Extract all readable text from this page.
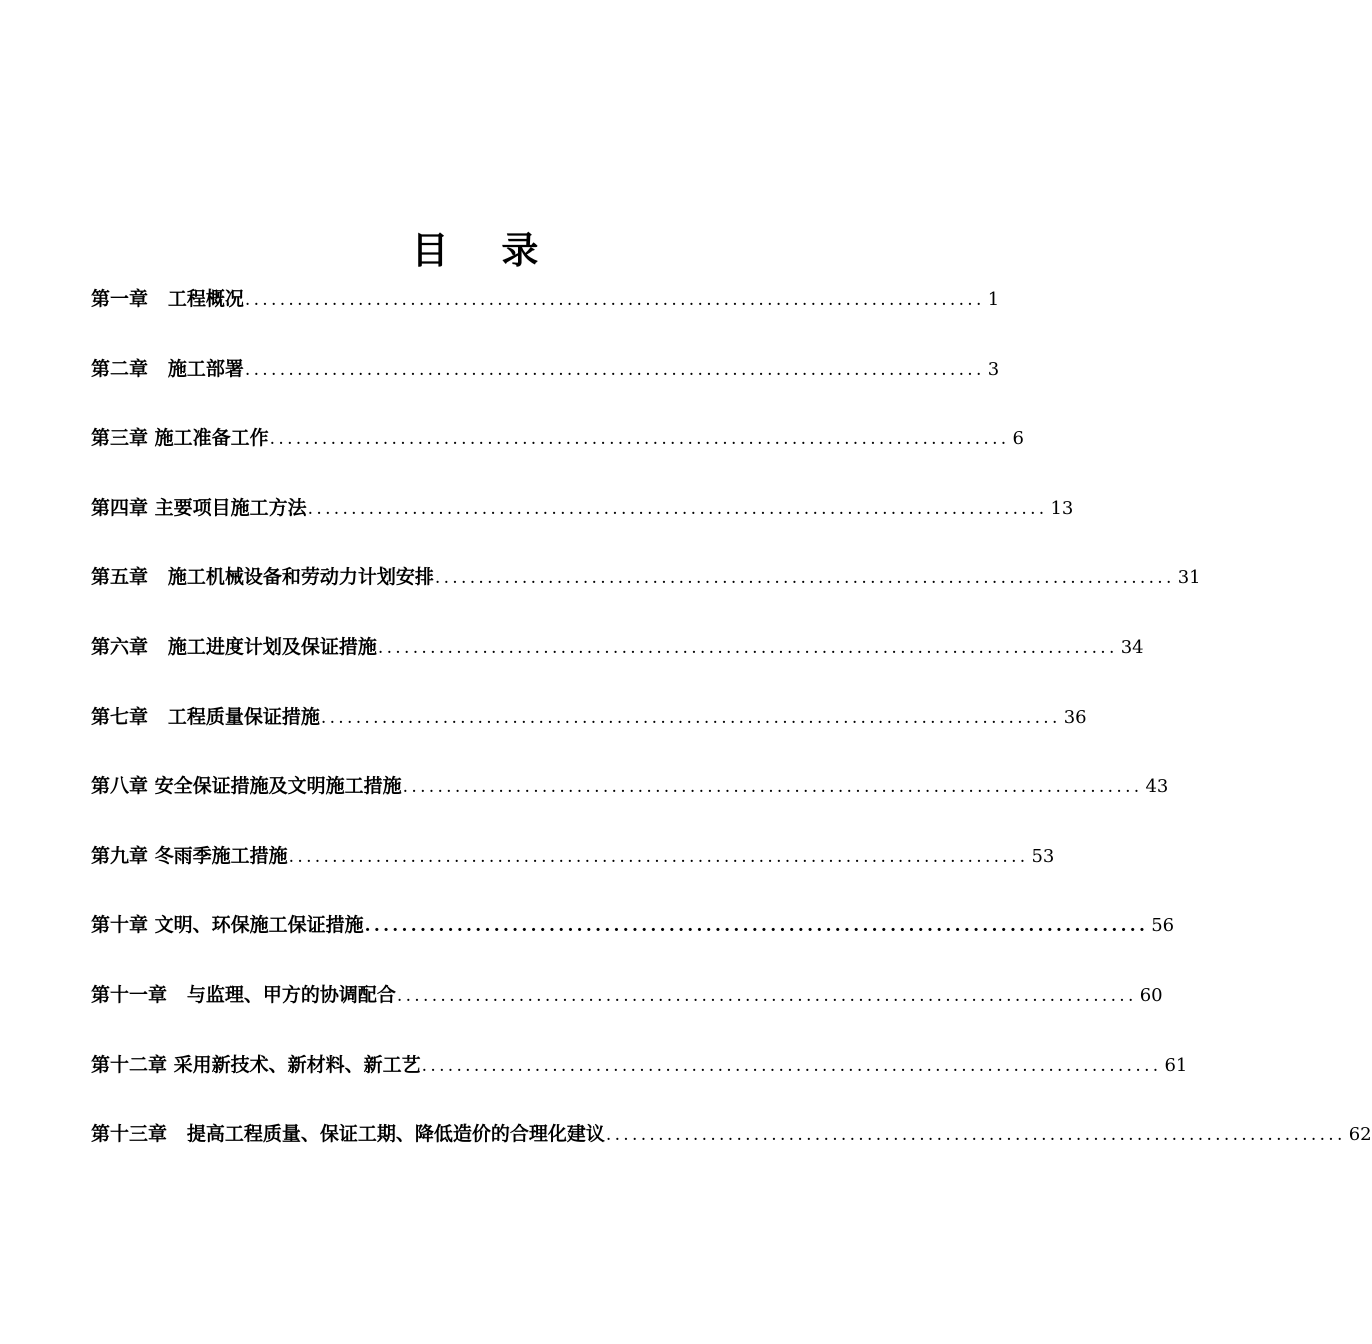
目 录
第一章 工程概况 ..................................................................................... 1
第二章 施工部署 ..................................................................................... 3
第三章 施工准备工作 ..................................................................................... 6
第四章 主要项目施工方法 ..................................................................................... 13
第五章 施工机械设备和劳动力计划安排 ..................................................................................... 31
第六章 施工进度计划及保证措施 ..................................................................................... 34
第七章 工程质量保证措施 ..................................................................................... 36
第八章 安全保证措施及文明施工措施 ..................................................................................... 43
第九章 冬雨季施工措施 ..................................................................................... 53
第十章 文明、环保施工保证措施 ..................................................................................... 56
第十一章 与监理、甲方的协调配合 ..................................................................................... 60
第十二章 采用新技术、新材料、新工艺 ..................................................................................... 61
第十三章 提高工程质量、保证工期、降低造价的合理化建议 ..................................................................................... 62
